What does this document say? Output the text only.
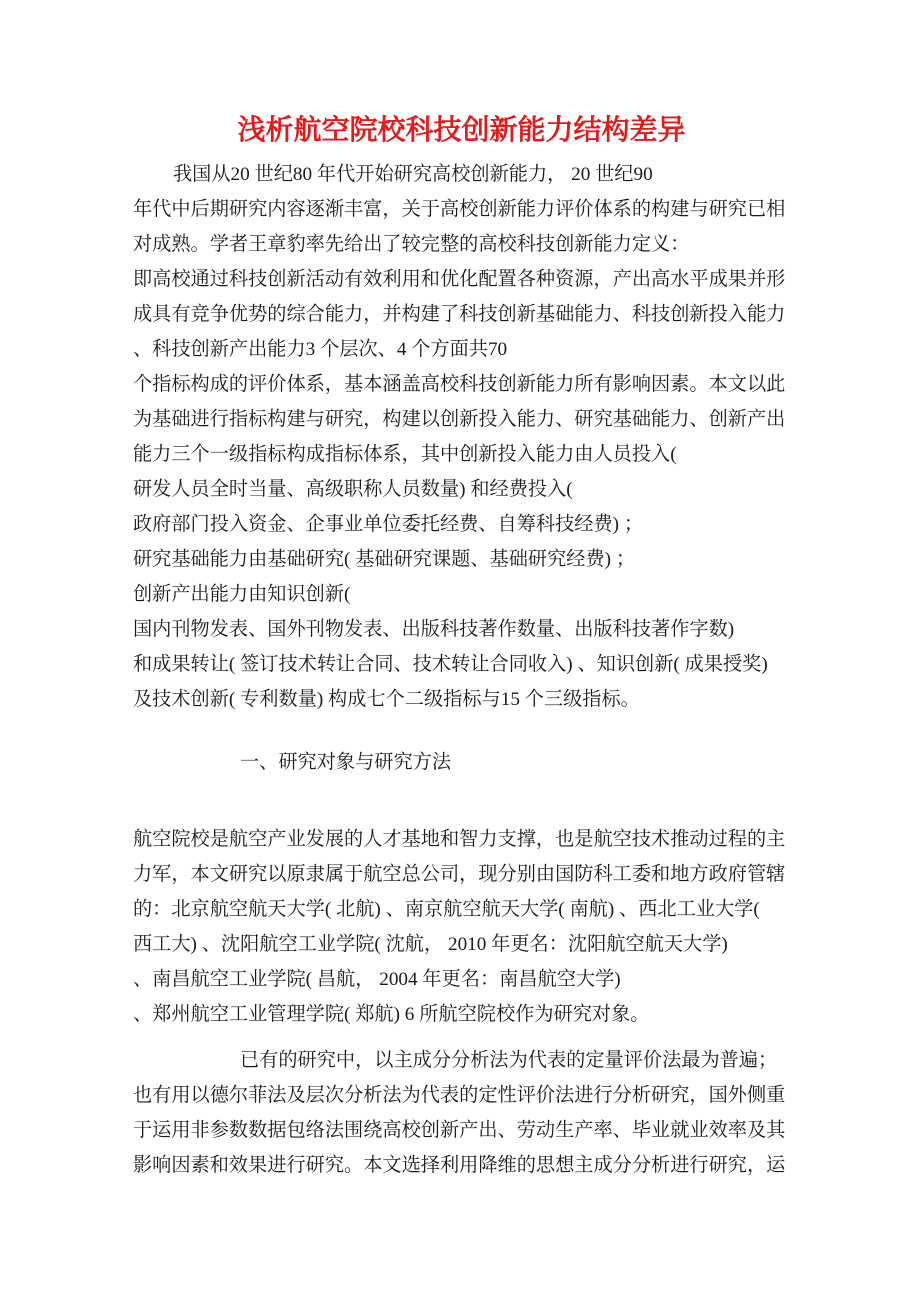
浅析航空院校科技创新能力结构差异
我国从20 世纪80 年代开始研究高校创新能力， 20 世纪90
年代中后期研究内容逐渐丰富，关于高校创新能力评价体系的构建与研究已相
对成熟。学者王章豹率先给出了较完整的高校科技创新能力定义：
即高校通过科技创新活动有效利用和优化配置各种资源，产出高水平成果并形
成具有竞争优势的综合能力，并构建了科技创新基础能力、科技创新投入能力
、科技创新产出能力3 个层次、4 个方面共70
个指标构成的评价体系，基本涵盖高校科技创新能力所有影响因素。本文以此
为基础进行指标构建与研究，构建以创新投入能力、研究基础能力、创新产出
能力三个一级指标构成指标体系，其中创新投入能力由人员投入(
研发人员全时当量、高级职称人员数量) 和经费投入(
政府部门投入资金、企事业单位委托经费、自筹科技经费) ；
研究基础能力由基础研究( 基础研究课题、基础研究经费) ；
创新产出能力由知识创新(
国内刊物发表、国外刊物发表、出版科技著作数量、出版科技著作字数)
和成果转让( 签订技术转让合同、技术转让合同收入) 、知识创新( 成果授奖)
及技术创新( 专利数量) 构成七个二级指标与15 个三级指标。
一、研究对象与研究方法
航空院校是航空产业发展的人才基地和智力支撑，也是航空技术推动过程的主
力军，本文研究以原隶属于航空总公司，现分别由国防科工委和地方政府管辖
的：北京航空航天大学( 北航) 、南京航空航天大学( 南航) 、西北工业大学(
西工大) 、沈阳航空工业学院( 沈航， 2010 年更名：沈阳航空航天大学)
、南昌航空工业学院( 昌航， 2004 年更名：南昌航空大学)
、郑州航空工业管理学院( 郑航) 6 所航空院校作为研究对象。
已有的研究中，以主成分分析法为代表的定量评价法最为普遍；
也有用以德尔菲法及层次分析法为代表的定性评价法进行分析研究，国外侧重
于运用非参数数据包络法围绕高校创新产出、劳动生产率、毕业就业效率及其
影响因素和效果进行研究。本文选择利用降维的思想主成分分析进行研究，运
